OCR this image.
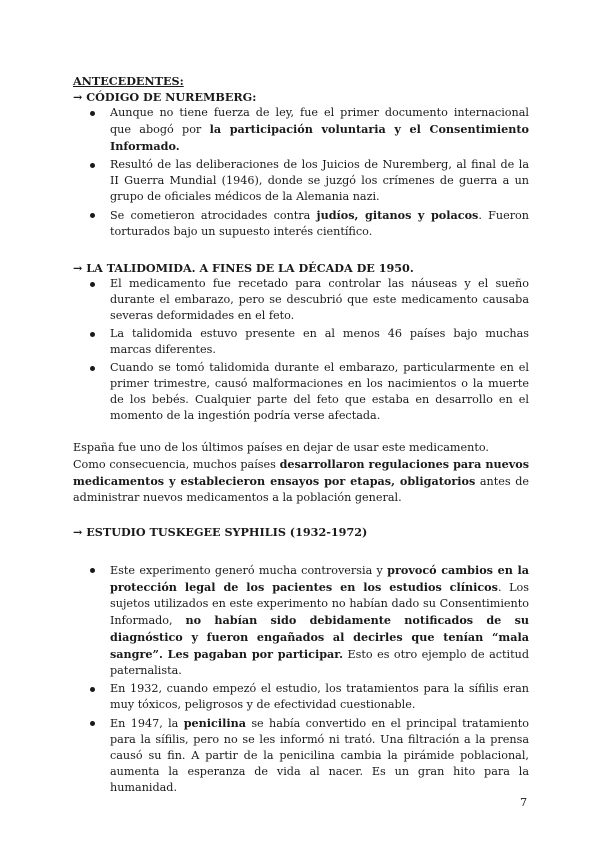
ANTECEDENTES:

→ CÓDIGO DE NUREMBERG:

Aunque no tiene fuerza de ley, fue el primer documento internacional que abogó por la participación voluntaria y el Consentimiento Informado.
Resultó de las deliberaciones de los Juicios de Nuremberg, al final de la II Guerra Mundial (1946), donde se juzgó los crímenes de guerra a un grupo de oficiales médicos de la Alemania nazi.
Se cometieron atrocidades contra judíos, gitanos y polacos. Fueron torturados bajo un supuesto interés científico.

→ LA TALIDOMIDA. A FINES DE LA DÉCADA DE 1950.

El medicamento fue recetado para controlar las náuseas y el sueño durante el embarazo, pero se descubrió que este medicamento causaba severas deformidades en el feto.
La talidomida estuvo presente en al menos 46 países bajo muchas marcas diferentes.
Cuando se tomó talidomida durante el embarazo, particularmente en el primer trimestre, causó malformaciones en los nacimientos o la muerte de los bebés. Cualquier parte del feto que estaba en desarrollo en el momento de la ingestión podría verse afectada.

España fue uno de los últimos países en dejar de usar este medicamento.

Como consecuencia, muchos países desarrollaron regulaciones para nuevos medicamentos y establecieron ensayos por etapas, obligatorios antes de administrar nuevos medicamentos a la población general.

→ ESTUDIO TUSKEGEE SYPHILIS (1932-1972)

Este experimento generó mucha controversia y provocó cambios en la protección legal de los pacientes en los estudios clínicos. Los sujetos utilizados en este experimento no habían dado su Consentimiento Informado, no habían sido debidamente notificados de su diagnóstico y fueron engañados al decirles que tenían “mala sangre”. Les pagaban por participar. Esto es otro ejemplo de actitud paternalista.
En 1932, cuando empezó el estudio, los tratamientos para la sífilis eran muy tóxicos, peligrosos y de efectividad cuestionable.
En 1947, la penicilina se había convertido en el principal tratamiento para la sífilis, pero no se les informó ni trató. Una filtración a la prensa causó su fin. A partir de la penicilina cambia la pirámide poblacional, aumenta la esperanza de vida al nacer. Es un gran hito para la humanidad.
7
